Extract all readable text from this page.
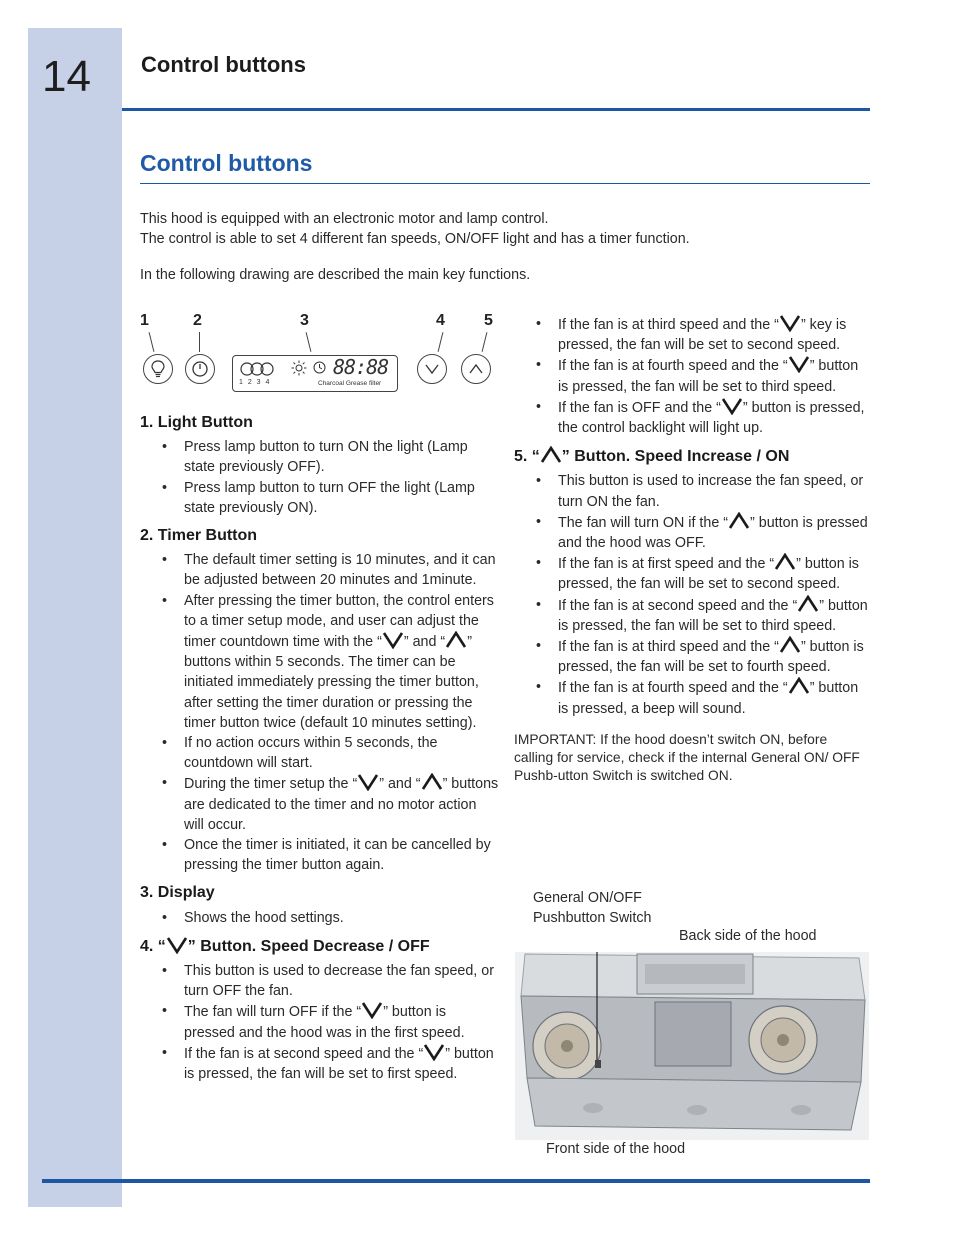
14 Control buttons
Control buttons

This hood is equipped with an electronic motor and lamp control.

The control is able to set 4 different fan speeds, ON/OFF light and has a timer function.

In the following drawing are described the main key functions.

1	2	3	4 5
88:88
1 2 3 4	Charcoal Grease filter
1. Light Button
• Press lamp button to turn ON the light (Lamp state previously OFF).
• Press lamp button to turn OFF the light (Lamp state previously ON).
2. Timer Button
• The default timer setting is 10 minutes, and it can be adjusted between 20 minutes and 1minute.
• After pressing the timer button, the control enters to a timer setup mode, and user can adjust the timer countdown time with the “ ” and “ ” buttons within 5 seconds. The timer can be initiated immediately pressing the timer button, after setting the timer duration or pressing the timer button twice (default 10 minutes setting).
• If no action occurs within 5 seconds, the countdown will start.
• During the timer setup the “ ” and “ ” buttons are dedicated to the timer and no motor action will occur.
• Once the timer is initiated, it can be cancelled by pressing the timer button again.
3. Display
• Shows the hood settings.
4. “ ” Button. Speed Decrease / OFF
• This button is used to decrease the fan speed, or turn OFF the fan.
• The fan will turn OFF if the “ ” button is pressed and the hood was in the first speed.
• If the fan is at second speed and the “ ” button is pressed, the fan will be set to first speed.
• If the fan is at third speed and the “ ” key is pressed, the fan will be set to second speed.
• If the fan is at fourth speed and the “ ” button is pressed, the fan will be set to third speed.
• If the fan is OFF and the “ ” button is pressed, the control backlight will light up.
5. “ ” Button. Speed Increase / ON
• This button is used to increase the fan speed, or turn ON the fan.
• The fan will turn ON if the “ ” button is pressed and the hood was OFF.
• If the fan is at first speed and the “ ” button is pressed, the fan will be set to second speed.
• If the fan is at second speed and the “ ” button is pressed, the fan will be set to third speed.
• If the fan is at third speed and the “ ” button is pressed, the fan will be set to fourth speed.
• If the fan is at fourth speed and the “ ” button is pressed, a beep will sound.

IMPORTANT: If the hood doesn’t switch ON, before calling for service, check if the internal General ON/ OFF Pushb-utton Switch is switched ON.

General ON/OFF
Pushbutton Switch
Back side of the hood
Front side of the hood
